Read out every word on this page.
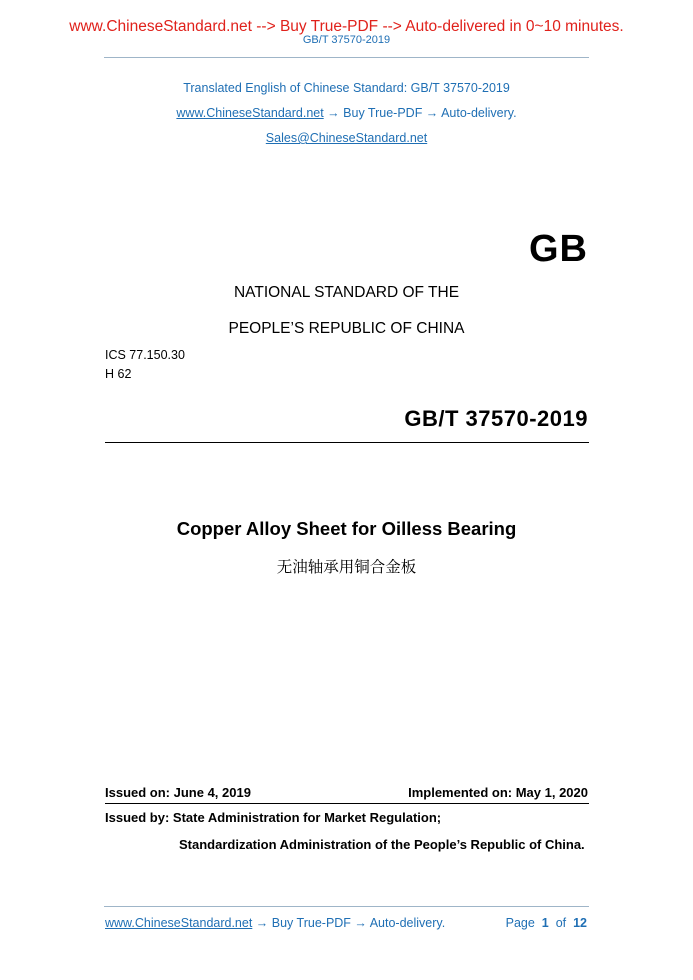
www.ChineseStandard.net --> Buy True-PDF --> Auto-delivered in 0~10 minutes.
GB/T 37570-2019
Translated English of Chinese Standard: GB/T 37570-2019
www.ChineseStandard.net → Buy True-PDF → Auto-delivery.
Sales@ChineseStandard.net
GB
NATIONAL STANDARD OF THE
PEOPLE’S REPUBLIC OF CHINA
ICS 77.150.30
H 62
GB/T 37570-2019
Copper Alloy Sheet for Oilless Bearing
无油轴承用铜合金板
Issued on: June 4, 2019	Implemented on: May 1, 2020
Issued by: State Administration for Market Regulation;
Standardization Administration of the People’s Republic of China.
www.ChineseStandard.net → Buy True-PDF → Auto-delivery.	Page 1 of 12
